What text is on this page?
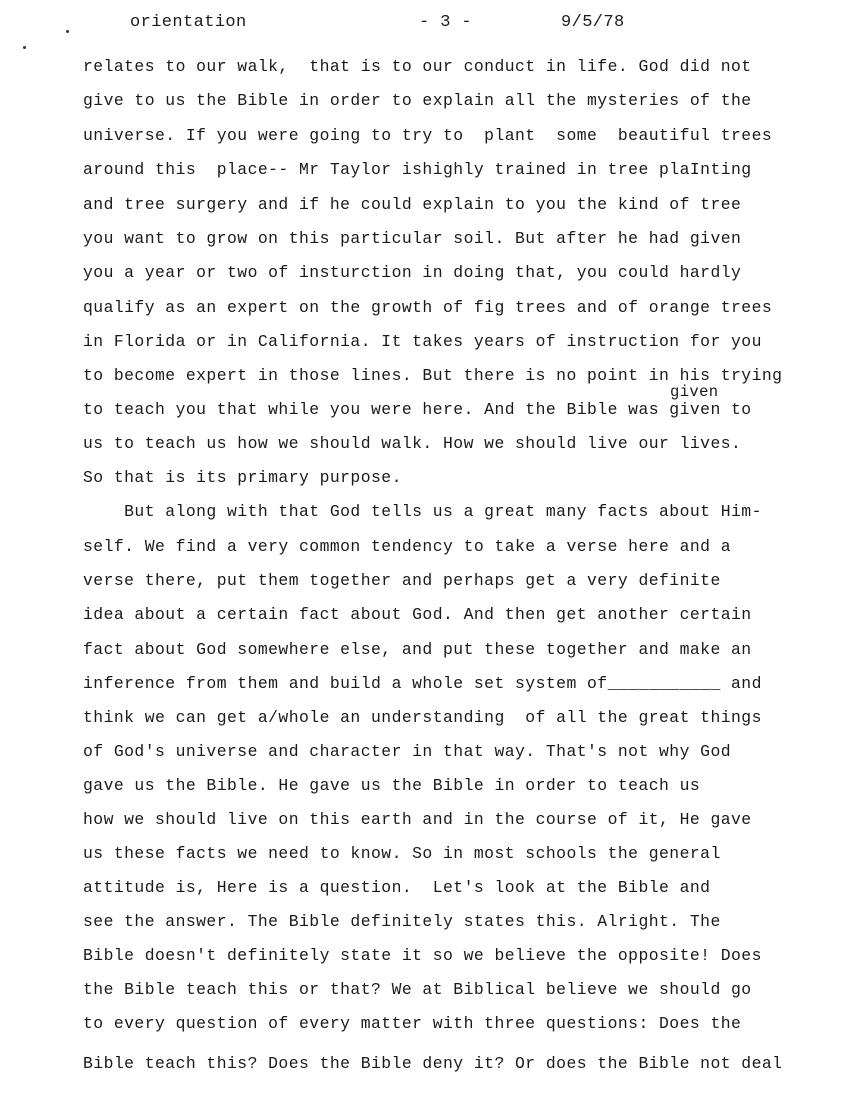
orientation	- 3 -	9/5/78
given
relates to our walk,  that is to our conduct in life. God did not
give to us the Bible in order to explain all the mysteries of the
universe. If you were going to try to  plant  some  beautiful trees
around this  place-- Mr Taylor ishighly trained in tree plaInting
and tree surgery and if he could explain to you the kind of tree
you want to grow on this particular soil. But after he had given
you a year or two of insturction in doing that, you could hardly
qualify as an expert on the growth of fig trees and of orange trees
in Florida or in California. It takes years of instruction for you
to become expert in those lines. But there is no point in his trying
to teach you that while you were here. And the Bible was given to
us to teach us how we should walk. How we should live our lives.
So that is its primary purpose.
But along with that God tells us a great many facts about Him-
self. We find a very common tendency to take a verse here and a
verse there, put them together and perhaps get a very definite
idea about a certain fact about God. And then get another certain
fact about God somewhere else, and put these together and make an
inference from them and build a whole set system of___________ and
think we can get a/whole an understanding  of all the great things
of God's universe and character in that way. That's not why God
gave us the Bible. He gave us the Bible in order to teach us
how we should live on this earth and in the course of it, He gave
us these facts we need to know. So in most schools the general
attitude is, Here is a question.  Let's look at the Bible and
see the answer. The Bible definitely states this. Alright. The
Bible doesn't definitely state it so we believe the opposite! Does
the Bible teach this or that? We at Biblical believe we should go
to every question of every matter with three questions: Does the
Bible teach this? Does the Bible deny it? Or does the Bible not deal
